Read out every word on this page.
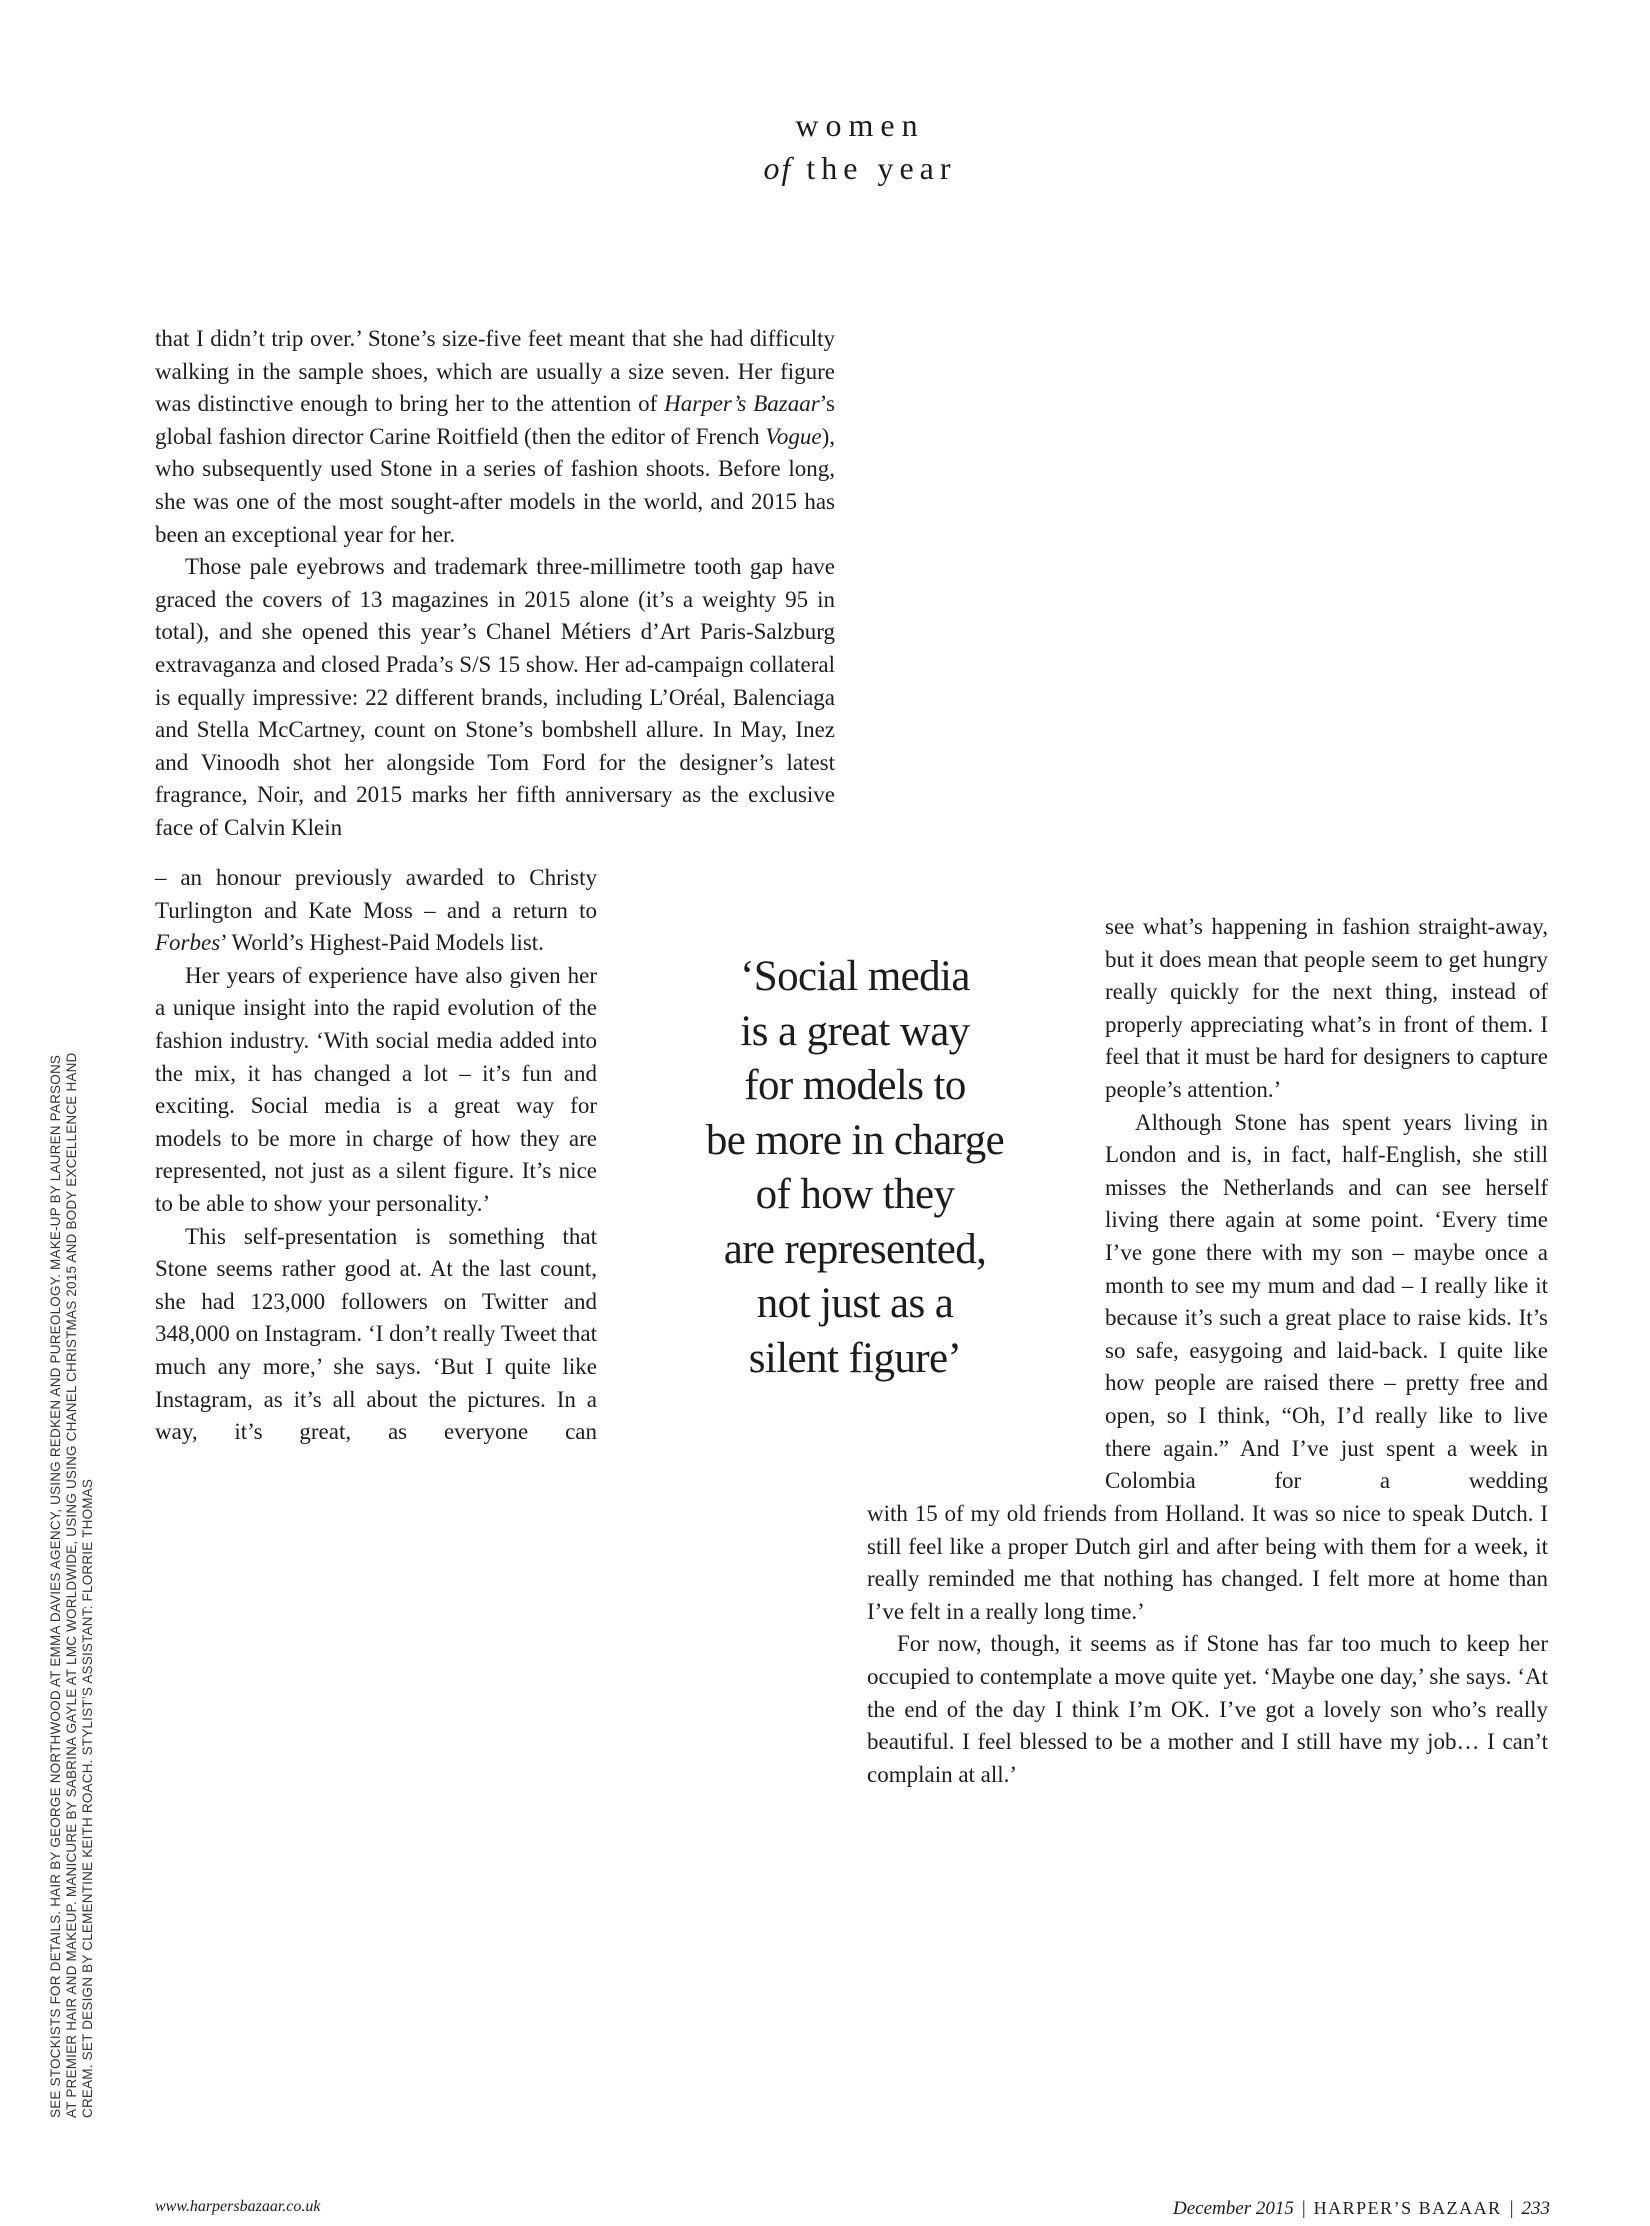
women
of the year

that I didn’t trip over.’ Stone’s size-five feet meant that she had difficulty walking in the sample shoes, which are usually a size seven. Her figure was distinctive enough to bring her to the attention of Harper’s Bazaar’s global fashion director Carine Roitfield (then the editor of French Vogue), who subsequently used Stone in a series of fashion shoots. Before long, she was one of the most sought-after models in the world, and 2015 has been an exceptional year for her.

Those pale eyebrows and trademark three-millimetre tooth gap have graced the covers of 13 magazines in 2015 alone (it’s a weighty 95 in total), and she opened this year’s Chanel Métiers d’Art Paris-Salzburg extravaganza and closed Prada’s S/S 15 show. Her ad-campaign collateral is equally impressive: 22 different brands, including L’Oréal, Balenciaga and Stella McCartney, count on Stone’s bombshell allure. In May, Inez and Vinoodh shot her alongside Tom Ford for the designer’s latest fragrance, Noir, and 2015 marks her fifth anniversary as the exclusive face of Calvin Klein

– an honour previously awarded to Christy Turlington and Kate Moss – and a return to Forbes’ World’s Highest-Paid Models list.

Her years of experience have also given her a unique insight into the rapid evolution of the fashion industry. ‘With social media added into the mix, it has changed a lot – it’s fun and exciting. Social media is a great way for models to be more in charge of how they are represented, not just as a silent figure. It’s nice to be able to show your personality.’

This self-presentation is something that Stone seems rather good at. At the last count, she had 123,000 followers on Twitter and 348,000 on Instagram. ‘I don’t really Tweet that much any more,’ she says. ‘But I quite like Instagram, as it’s all about the pictures. In a way, it’s great, as everyone can

‘Social media
is a great way
for models to
be more in charge
of how they
are represented,
not just as a
silent figure’

see what’s happening in fashion straight-away, but it does mean that people seem to get hungry really quickly for the next thing, instead of properly appreciating what’s in front of them. I feel that it must be hard for designers to capture people’s attention.’

Although Stone has spent years living in London and is, in fact, half-English, she still misses the Netherlands and can see herself living there again at some point. ‘Every time I’ve gone there with my son – maybe once a month to see my mum and dad – I really like it because it’s such a great place to raise kids. It’s so safe, easygoing and laid-back. I quite like how people are raised there – pretty free and open, so I think, “Oh, I’d really like to live there again.” And I’ve just spent a week in Colombia for a wedding

with 15 of my old friends from Holland. It was so nice to speak Dutch. I still feel like a proper Dutch girl and after being with them for a week, it really reminded me that nothing has changed. I felt more at home than I’ve felt in a really long time.’

For now, though, it seems as if Stone has far too much to keep her occupied to contemplate a move quite yet. ‘Maybe one day,’ she says. ‘At the end of the day I think I’m OK. I’ve got a lovely son who’s really beautiful. I feel blessed to be a mother and I still have my job… I can’t complain at all.’

SEE STOCKISTS FOR DETAILS. HAIR BY GEORGE NORTHWOOD AT EMMA DAVIES AGENCY, USING REDKEN AND PUREOLOGY. MAKE-UP BY LAUREN PARSONS AT PREMIER HAIR AND MAKEUP. MANICURE BY SABRINA GAYLE AT LMC WORLDWIDE, USING USING CHANEL CHRISTMAS 2015 AND BODY EXCELLENCE HAND CREAM. SET DESIGN BY CLEMENTINE KEITH ROACH. STYLIST’S ASSISTANT: FLORRIE THOMAS
www.harpersbazaar.co.uk	December 2015 | HARPER’S BAZAAR | 233
